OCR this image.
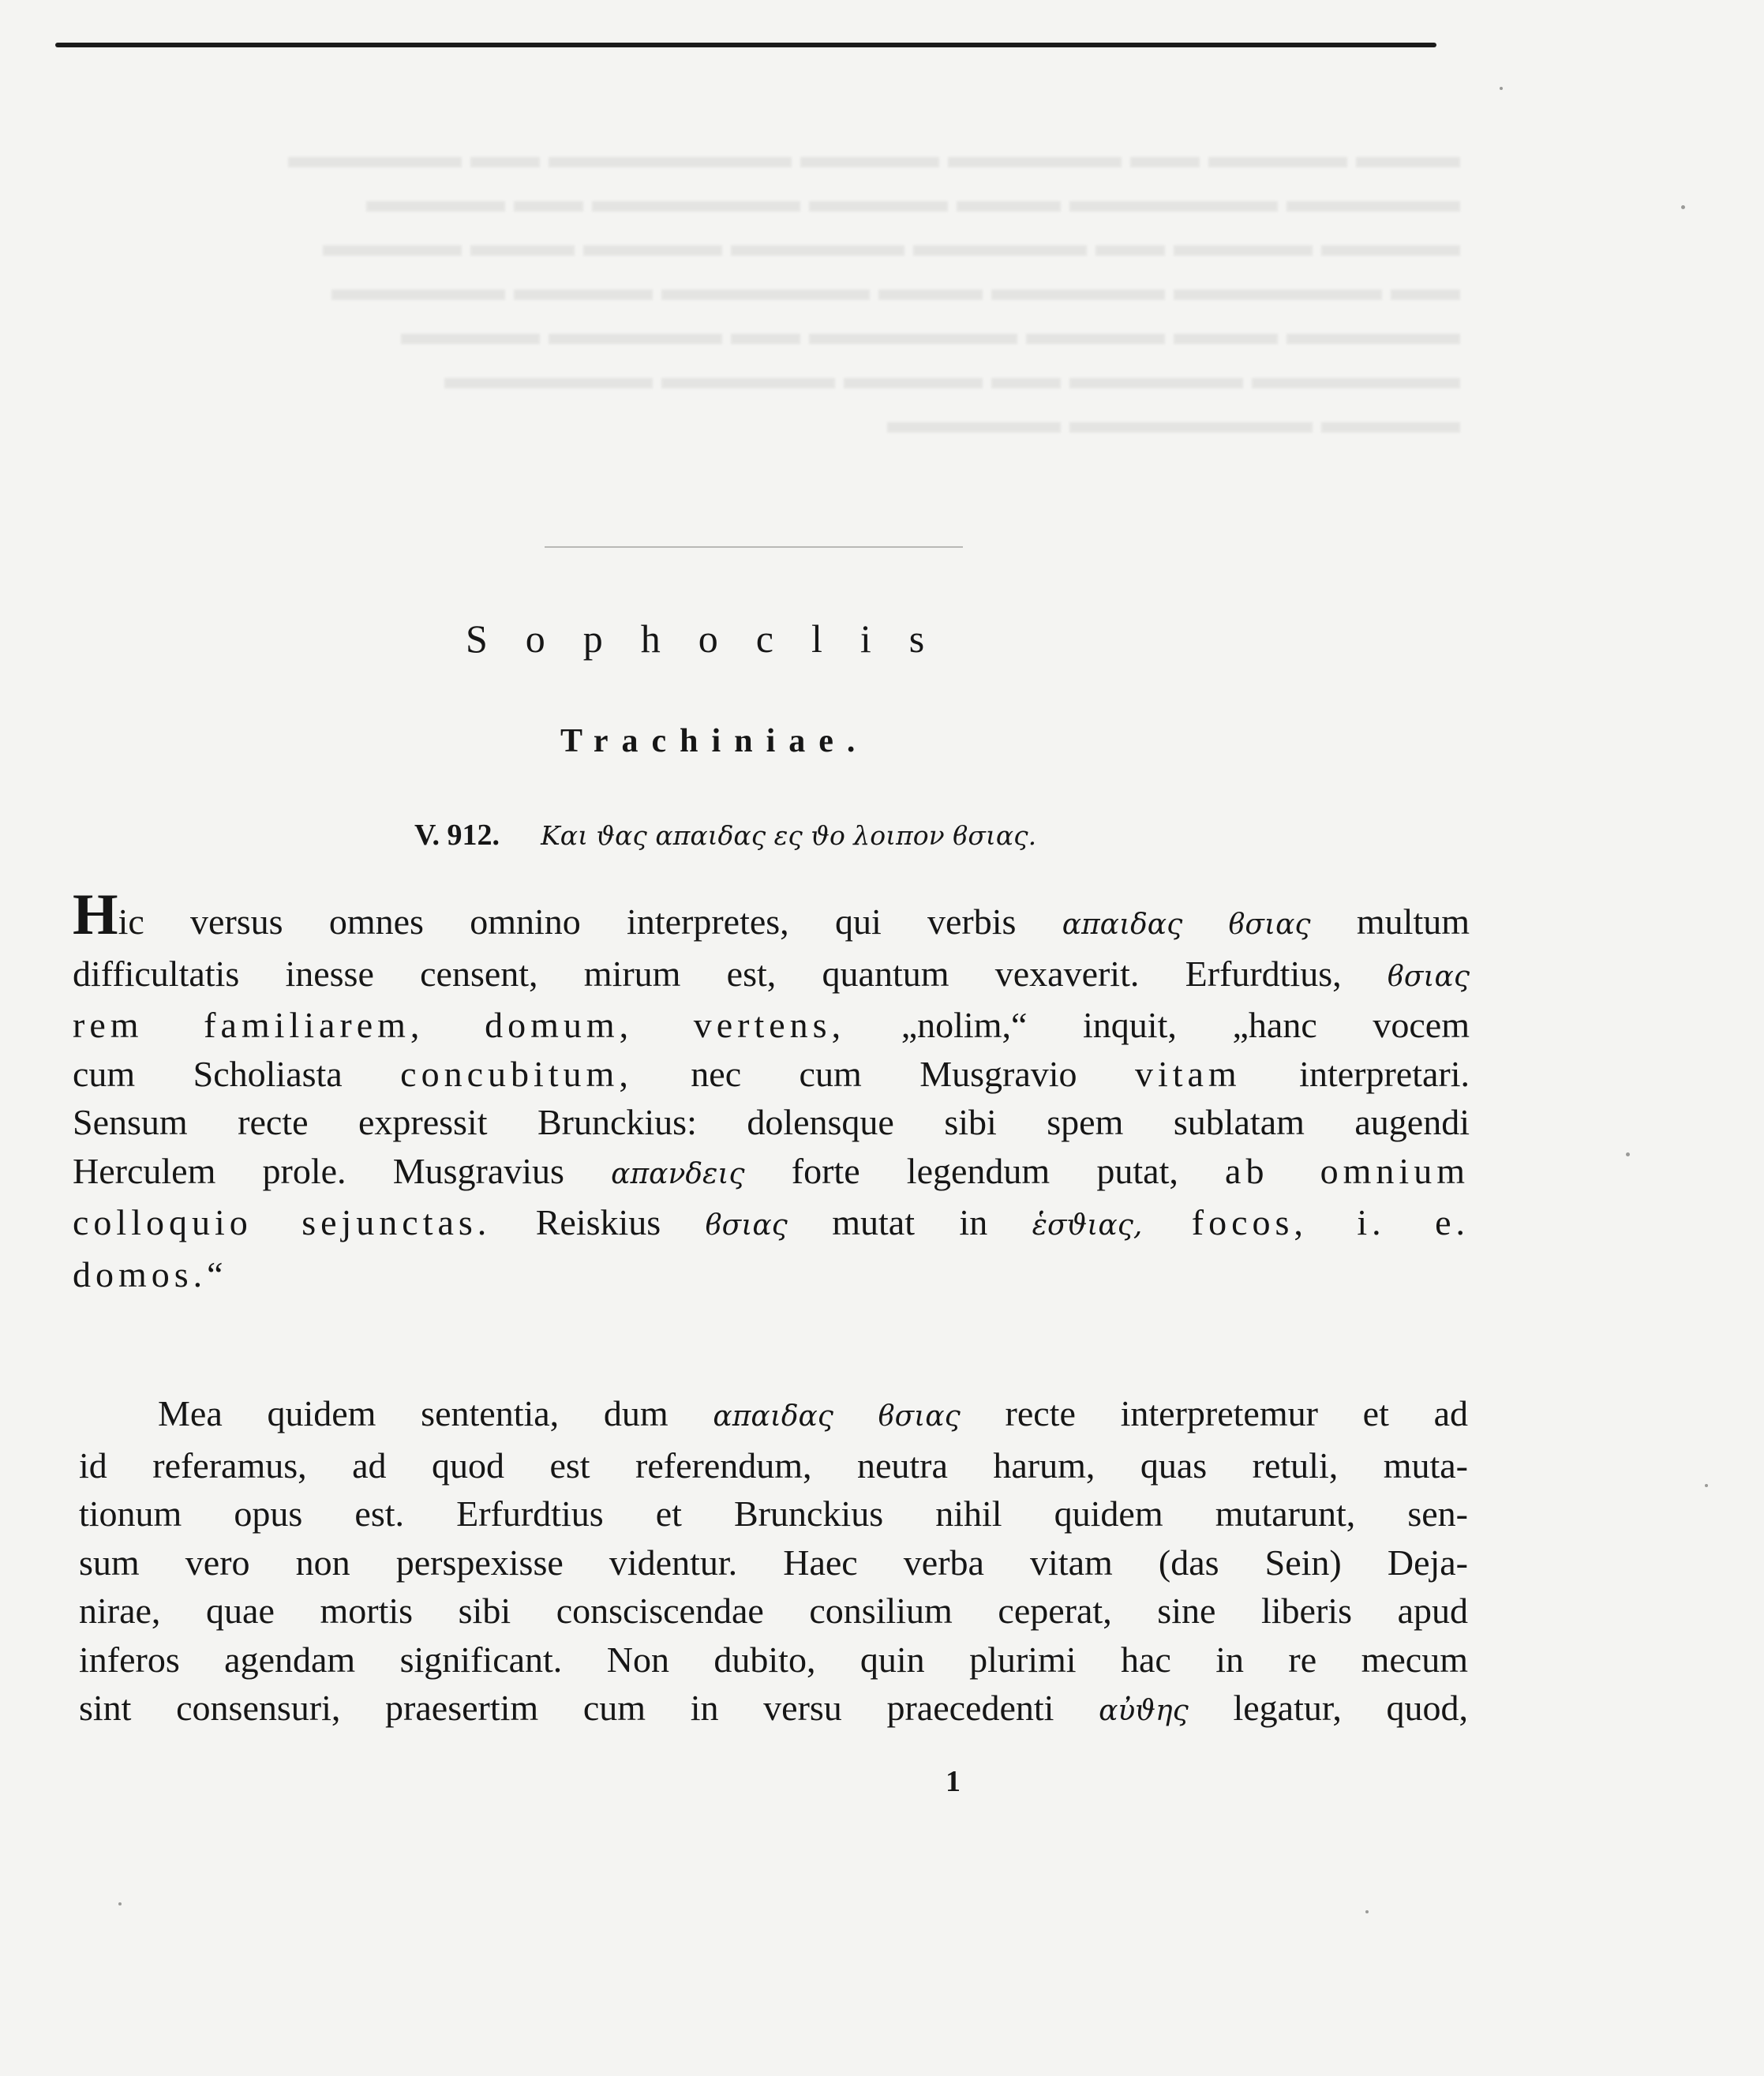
▬▬▬ ▬▬▬▬ ▬▬ ▬▬▬▬▬ ▬▬▬▬ ▬▬▬▬▬▬▬ ▬▬ ▬▬▬▬▬
▬▬▬▬▬ ▬▬▬▬▬▬ ▬▬▬ ▬▬▬▬ ▬▬▬▬▬▬ ▬▬ ▬▬▬▬
▬▬▬▬ ▬▬▬▬ ▬▬ ▬▬▬▬▬ ▬▬▬▬▬ ▬▬▬▬ ▬▬▬ ▬▬▬▬
▬▬ ▬▬▬▬▬▬ ▬▬▬▬▬ ▬▬▬ ▬▬▬▬▬▬ ▬▬▬▬ ▬▬▬▬▬
▬▬▬▬▬ ▬▬▬ ▬▬▬▬ ▬▬▬▬▬▬ ▬▬ ▬▬▬▬▬ ▬▬▬▬
▬▬▬▬▬▬ ▬▬▬▬▬ ▬▬ ▬▬▬▬ ▬▬▬▬▬ ▬▬▬▬▬▬
▬▬▬▬ ▬▬▬▬▬▬▬ ▬▬▬▬▬
Sophoclis
Trachiniae.
V. 912. Και ϑας απαιδας ες ϑο λοιπον ϐσιας.
Hic versus omnes omnino interpretes, qui verbis απαιδας ϐσιας multum
difficultatis inesse censent, mirum est, quantum vexaverit. Erfurdtius, ϐσιας
rem familiarem, domum, vertens, „nolim,“ inquit, „hanc vocem
cum Scholiasta concubitum, nec cum Musgravio vitam interpretari.
Sensum recte expressit Brunckius: dolensque sibi spem sublatam augendi
Herculem prole. Musgravius απανδεις forte legendum putat, ab omnium
colloquio sejunctas. Reiskius ϐσιας mutat in ἑσϑιας, focos, i. e.
domos.“
Mea quidem sententia, dum απαιδας ϐσιας recte interpretemur et ad
id referamus, ad quod est referendum, neutra harum, quas retuli, muta-
tionum opus est. Erfurdtius et Brunckius nihil quidem mutarunt, sen-
sum vero non perspexisse videntur. Haec verba vitam (das Sein) Deja-
nirae, quae mortis sibi consciscendae consilium ceperat, sine liberis apud
inferos agendam significant. Non dubito, quin plurimi hac in re mecum
sint consensuri, praesertim cum in versu praecedenti αὐϑης legatur, quod,
1
